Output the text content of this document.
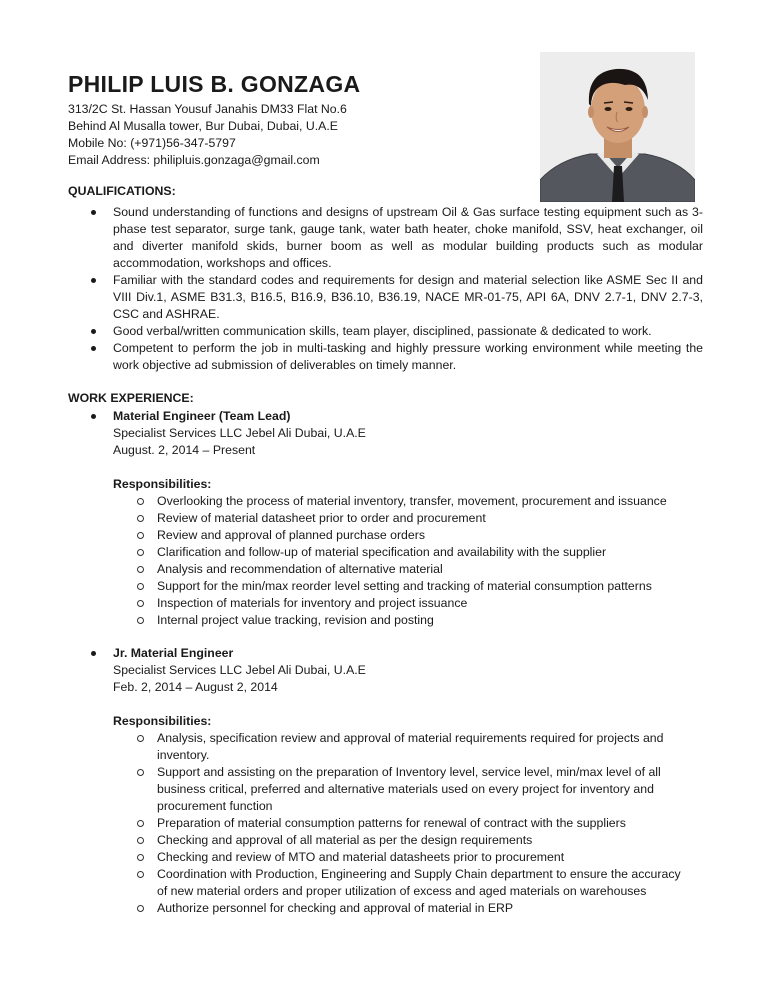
PHILIP LUIS B. GONZAGA
313/2C St. Hassan Yousuf Janahis DM33 Flat No.6
Behind Al Musalla tower, Bur Dubai, Dubai, U.A.E
Mobile No: (+971)56-347-5797
Email Address: philipluis.gonzaga@gmail.com
QUALIFICATIONS:
Sound understanding of functions and designs of upstream Oil & Gas surface testing equipment such as 3-phase test separator, surge tank, gauge tank, water bath heater, choke manifold, SSV, heat exchanger, oil and diverter manifold skids, burner boom as well as modular building products such as modular accommodation, workshops and offices.
Familiar with the standard codes and requirements for design and material selection like ASME Sec II and VIII Div.1, ASME B31.3, B16.5, B16.9, B36.10, B36.19, NACE MR-01-75, API 6A, DNV 2.7-1, DNV 2.7-3, CSC and ASHRAE.
Good verbal/written communication skills, team player, disciplined, passionate & dedicated to work.
Competent to perform the job in multi-tasking and highly pressure working environment while meeting the work objective ad submission of deliverables on timely manner.
WORK EXPERIENCE:
Material Engineer (Team Lead)
Specialist Services LLC Jebel Ali Dubai, U.A.E
August. 2, 2014 – Present
Responsibilities:
Overlooking the process of material inventory, transfer, movement, procurement and issuance
Review of material datasheet prior to order and procurement
Review and approval of planned purchase orders
Clarification and follow-up of material specification and availability with the supplier
Analysis and recommendation of alternative material
Support for the min/max reorder level setting and tracking of material consumption patterns
Inspection of materials for inventory and project issuance
Internal project value tracking, revision and posting
Jr. Material Engineer
Specialist Services LLC Jebel Ali Dubai, U.A.E
Feb. 2, 2014 – August 2, 2014
Responsibilities:
Analysis, specification review and approval of material requirements required for projects and inventory.
Support and assisting on the preparation of Inventory level, service level, min/max level of all business critical, preferred and alternative materials used on every project for inventory and procurement function
Preparation of material consumption patterns for renewal of contract with the suppliers
Checking and approval of all material as per the design requirements
Checking and review of MTO and material datasheets prior to procurement
Coordination with Production, Engineering and Supply Chain department to ensure the accuracy of new material orders and proper utilization of excess and aged materials on warehouses
Authorize personnel for checking and approval of material in ERP
